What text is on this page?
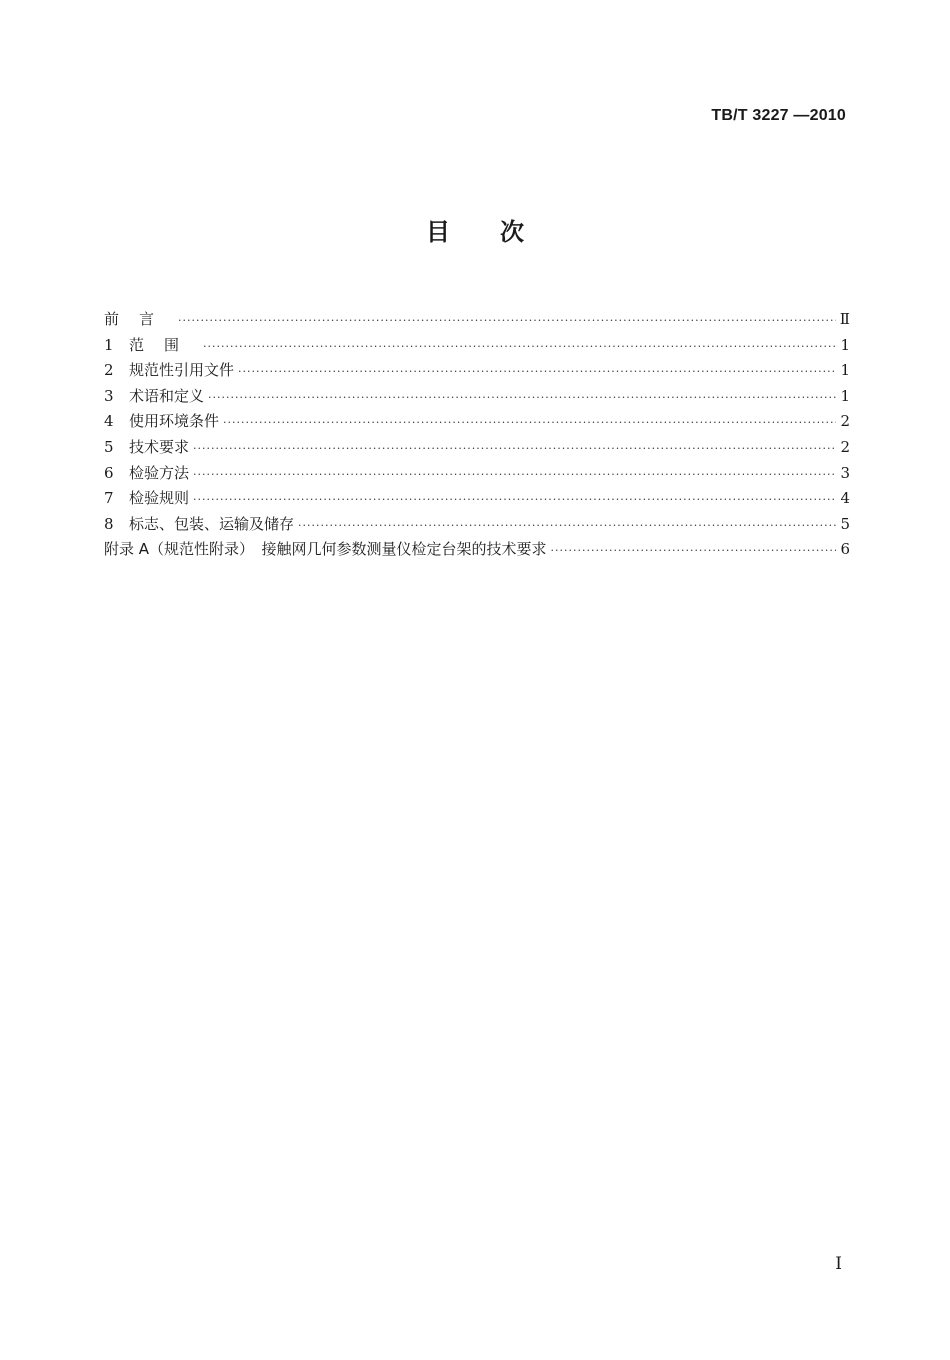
TB/T 3227 —2010
目次
前言 ·····	Ⅱ
1	范围 ·····	1
2	规范性引用文件 ·····	1
3	术语和定义 ·····	1
4	使用环境条件 ·····	2
5	技术要求 ·····	2
6	检验方法 ·····	3
7	检验规则 ·····	4
8	标志、包装、运输及储存 ·····	5
附录 A（规范性附录）　接触网几何参数测量仪检定台架的技术要求 ·····	6
I
